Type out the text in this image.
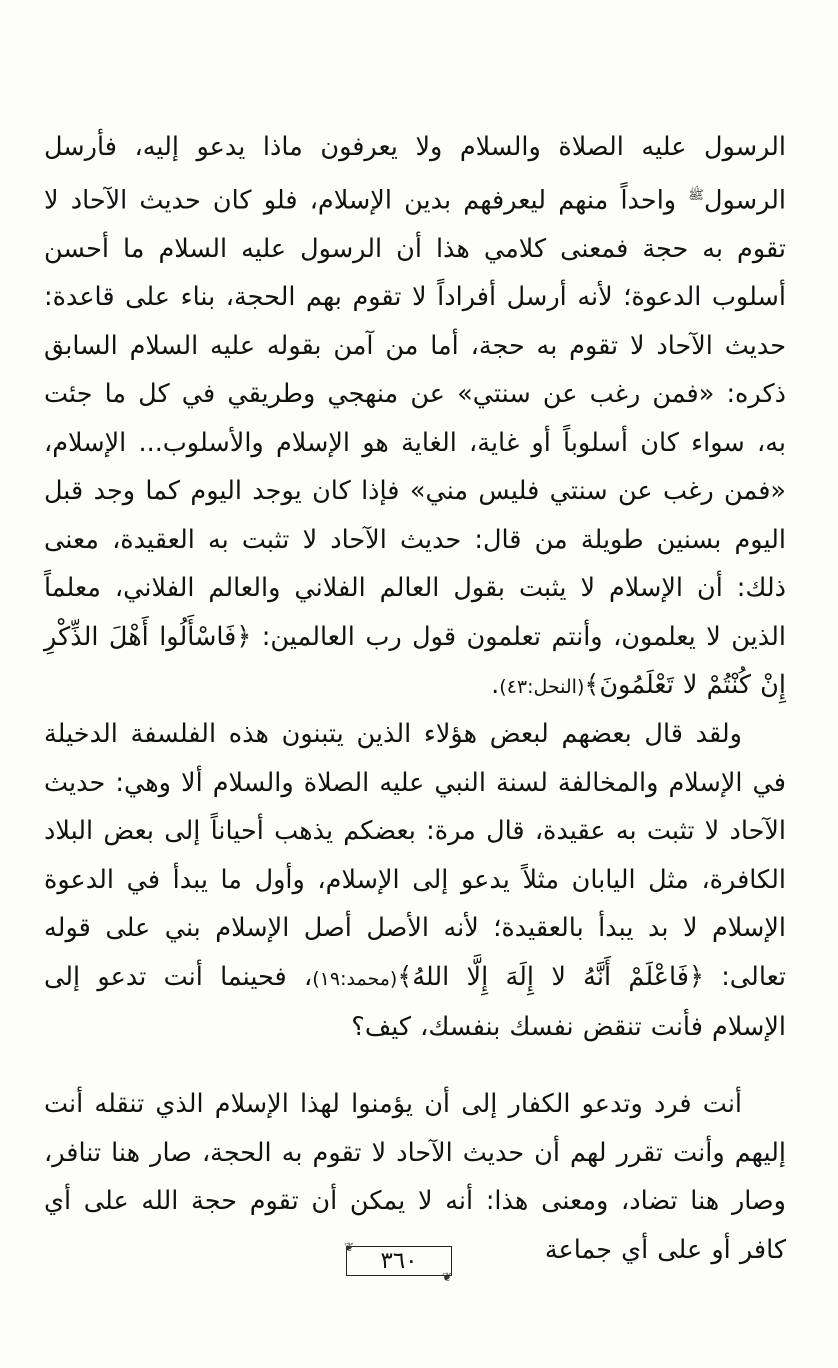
الرسول عليه الصلاة والسلام ولا يعرفون ماذا يدعو إليه، فأرسل الرسول$^ﷺ$ واحداً منهم ليعرفهم بدين الإسلام، فلو كان حديث الآحاد لا تقوم به حجة فمعنى كلامي هذا أن الرسول عليه السلام ما أحسن أسلوب الدعوة؛ لأنه أرسل أفراداً لا تقوم بهم الحجة، بناء على قاعدة: حديث الآحاد لا تقوم به حجة، أما من آمن بقوله عليه السلام السابق ذكره: «فمن رغب عن سنتي» عن منهجي وطريقي في كل ما جئت به، سواء كان أسلوباً أو غاية، الغاية هو الإسلام والأسلوب... الإسلام، «فمن رغب عن سنتي فليس مني» فإذا كان يوجد اليوم كما وجد قبل اليوم بسنين طويلة من قال: حديث الآحاد لا تثبت به العقيدة، معنى ذلك: أن الإسلام لا يثبت بقول العالم الفلاني والعالم الفلاني، معلماً الذين لا يعلمون، وأنتم تعلمون قول رب العالمين: ﴿فَاسْأَلُوا أَهْلَ الذِّكْرِ إِنْ كُنْتُمْ لا تَعْلَمُونَ﴾(النحل:٤٣).

ولقد قال بعضهم لبعض هؤلاء الذين يتبنون هذه الفلسفة الدخيلة في الإسلام والمخالفة لسنة النبي عليه الصلاة والسلام ألا وهي: حديث الآحاد لا تثبت به عقيدة، قال مرة: بعضكم يذهب أحياناً إلى بعض البلاد الكافرة، مثل اليابان مثلاً يدعو إلى الإسلام، وأول ما يبدأ في الدعوة الإسلام لا بد يبدأ بالعقيدة؛ لأنه الأصل أصل الإسلام بني على قوله تعالى: ﴿فَاعْلَمْ أَنَّهُ لا إِلَهَ إِلَّا اللهُ﴾(محمد:١٩)، فحينما أنت تدعو إلى الإسلام فأنت تنقض نفسك بنفسك، كيف؟

أنت فرد وتدعو الكفار إلى أن يؤمنوا لهذا الإسلام الذي تنقله أنت إليهم وأنت تقرر لهم أن حديث الآحاد لا تقوم به الحجة، صار هنا تنافر، وصار هنا تضاد، ومعنى هذا: أنه لا يمكن أن تقوم حجة الله على أي كافر أو على أي جماعة

❦
٣٦٠
❦
